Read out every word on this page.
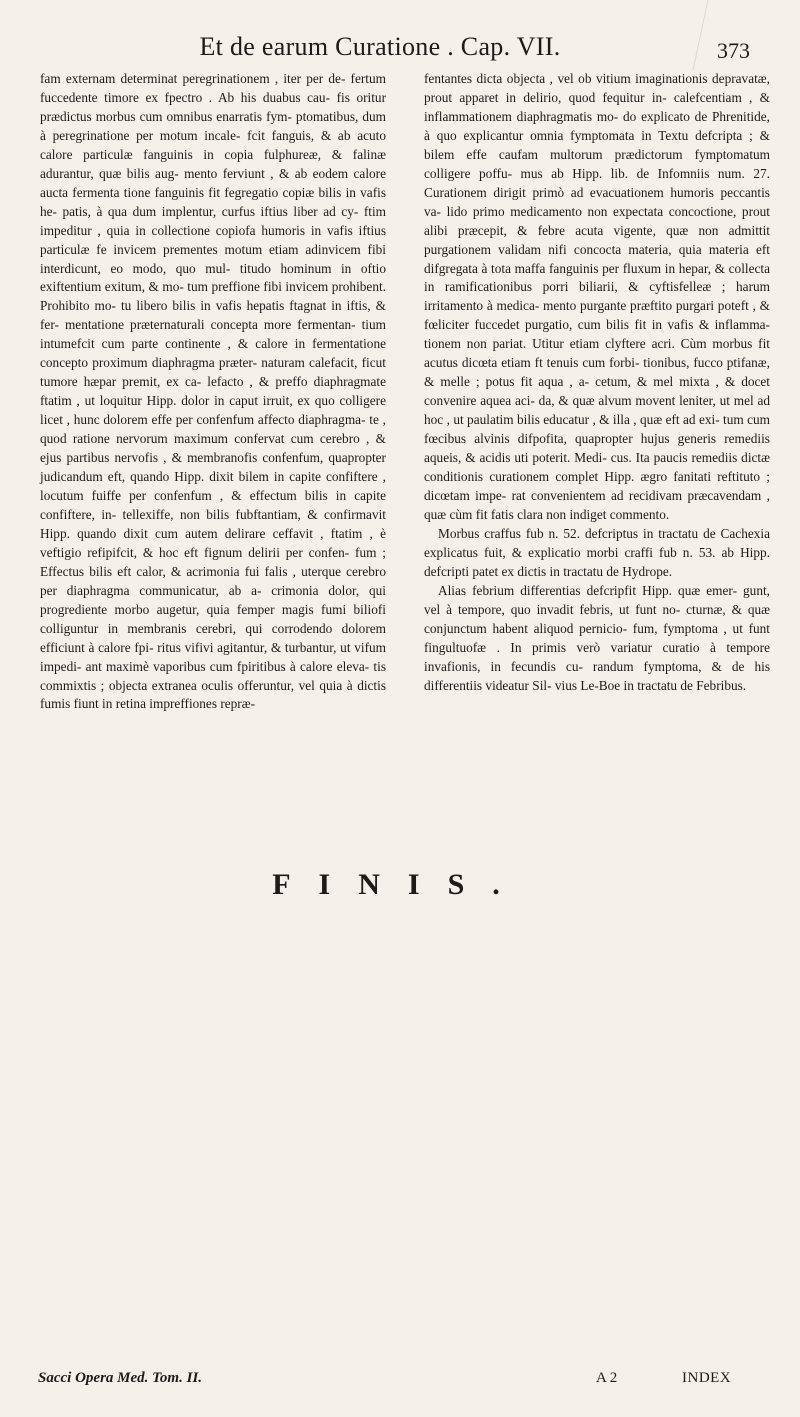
Et de earum Curatione . Cap. VII.	373

fam externam determinat peregrinationem , iter per de- fertum fuccedente timore ex fpectro . Ab his duabus cau- fis oritur prædictus morbus cum omnibus enarratis fym- ptomatibus, dum à peregrinatione per motum incale- fcit fanguis, & ab acuto calore particulæ fanguinis in copia fulphureæ, & falinæ adurantur, quæ bilis aug- mento ferviunt , & ab eodem calore aucta fermenta tione fanguinis fit fegregatio copiæ bilis in vafis he- patis, à qua dum implentur, curfus iftius liber ad cy- ftim impeditur , quia in collectione copiofa humoris in vafis iftius particulæ fe invicem prementes motum etiam adinvicem fibi interdicunt, eo modo, quo mul- titudo hominum in oftio exiftentium exitum, & mo- tum preffione fibi invicem prohibent. Prohibito mo- tu libero bilis in vafis hepatis ftagnat in iftis, & fer- mentatione præternaturali concepta more fermentan- tium intumefcit cum parte continente , & calore in fermentatione concepto proximum diaphragma præter- naturam calefacit, ficut tumore hæpar premit, ex ca- lefacto , & preffo diaphragmate ftatim , ut loquitur Hipp. dolor in caput irruit, ex quo colligere licet , hunc dolorem effe per confenfum affecto diaphragma- te , quod ratione nervorum maximum confervat cum cerebro , & ejus partibus nervofis , & membranofis confenfum, quapropter judicandum eft, quando Hipp. dixit bilem in capite confiftere , locutum fuiffe per confenfum , & effectum bilis in capite confiftere, in- tellexiffe, non bilis fubftantiam, & confirmavit Hipp. quando dixit cum autem delirare ceffavit , ftatim , è veftigio refipifcit, & hoc eft fignum delirii per confen- fum ; Effectus bilis eft calor, & acrimonia fui falis , uterque cerebro per diaphragma communicatur, ab a- crimonia dolor, qui progrediente morbo augetur, quia femper magis fumi biliofi colliguntur in membranis cerebri, qui corrodendo dolorem efficiunt à calore fpi- ritus vifivi agitantur, & turbantur, ut vifum impedi- ant maximè vaporibus cum fpiritibus à calore eleva- tis commixtis ; objecta extranea oculis offeruntur, vel quia à dictis fumis fiunt in retina impreffiones repræ-

fentantes dicta objecta , vel ob vitium imaginationis depravatæ, prout apparet in delirio, quod fequitur in- calefcentiam , & inflammationem diaphragmatis mo- do explicato de Phrenitide, à quo explicantur omnia fymptomata in Textu defcripta ; & bilem effe caufam multorum prædictorum fymptomatum colligere poffu- mus ab Hipp. lib. de Infomniis num. 27. Curationem dirigit primò ad evacuationem humoris peccantis va- lido primo medicamento non expectata concoctione, prout alibi præcepit, & febre acuta vigente, quæ non admittit purgationem validam nifi concocta materia, quia materia eft difgregata à tota maffa fanguinis per fluxum in hepar, & collecta in ramificationibus porri biliarii, & cyftisfelleæ ; harum irritamento à medica- mento purgante præftito purgari poteft , & fœliciter fuccedet purgatio, cum bilis fit in vafis & inflamma- tionem non pariat. Utitur etiam clyftere acri. Cùm morbus fit acutus dicœta etiam ft tenuis cum forbi- tionibus, fucco ptifanæ, & melle ; potus fit aqua , a- cetum, & mel mixta , & docet convenire aquea aci- da, & quæ alvum movent leniter, ut mel ad hoc , ut paulatim bilis educatur , & illa , quæ eft ad exi- tum cum fœcibus alvinis difpofita, quapropter hujus generis remediis aqueis, & acidis uti poterit. Medi- cus. Ita paucis remediis dictæ conditionis curationem complet Hipp. ægro fanitati reftituto ; dicœtam impe- rat convenientem ad recidivam præcavendam , quæ cùm fit fatis clara non indiget commento.

Morbus craffus fub n. 52. defcriptus in tractatu de Cachexia explicatus fuit, & explicatio morbi craffi fub n. 53. ab Hipp. defcripti patet ex dictis in tractatu de Hydrope.

Alias febrium differentias defcripfit Hipp. quæ emer- gunt, vel à tempore, quo invadit febris, ut funt no- cturnæ, & quæ conjunctum habent aliquod pernicio- fum, fymptoma , ut funt fingultuofæ . In primis verò variatur curatio à tempore invafionis, in fecundis cu- randum fymptoma, & de his differentiis videatur Sil- vius Le-Boe in tractatu de Febribus.

FINIS.
Sacci Opera Med. Tom. II.	A 2	INDEX
